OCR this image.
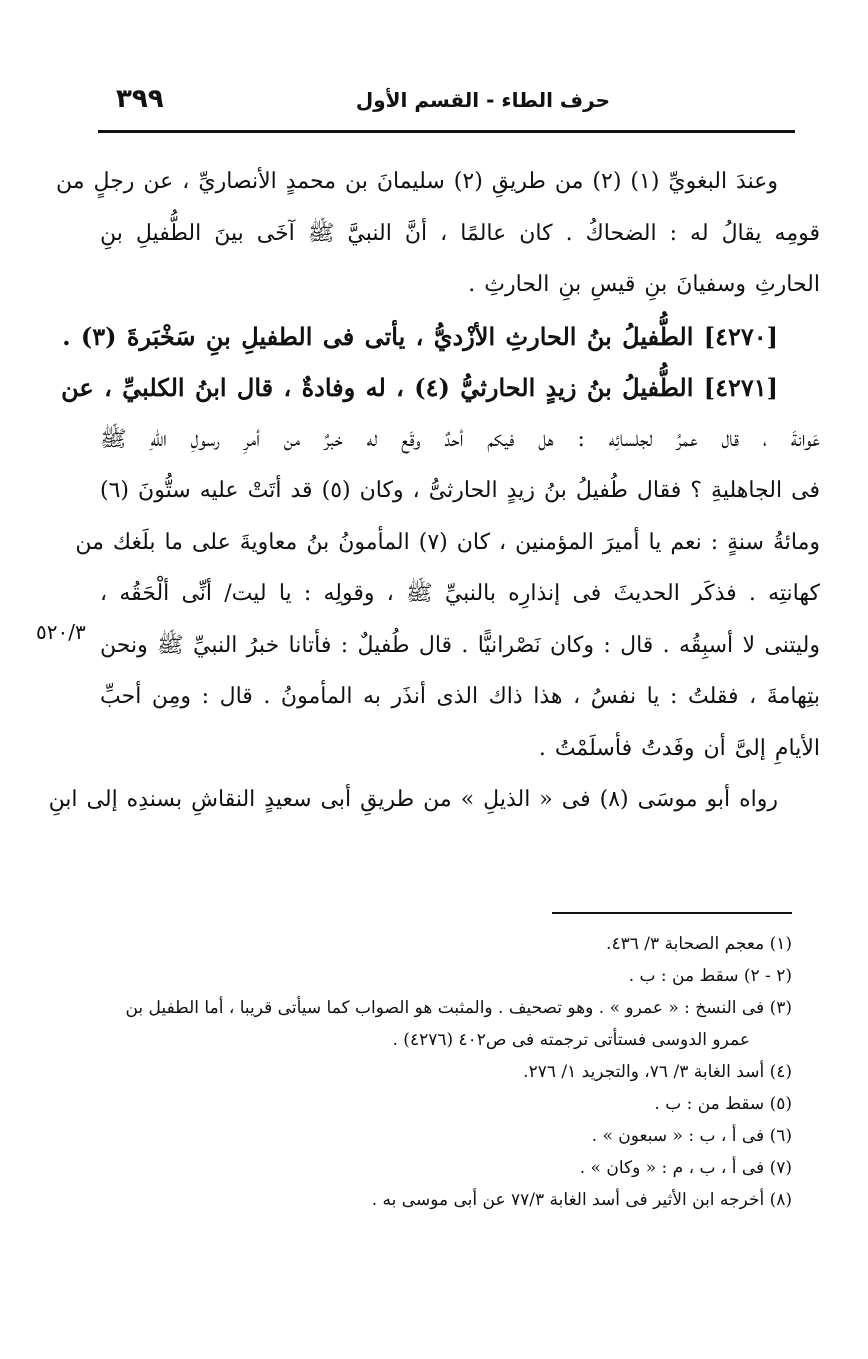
٣٩٩	حرف الطاء - القسم الأول
٥٢٠/٣
وعندَ البغويِّ (١) (٢) من طريقِ (٢) سليمانَ بن محمدٍ الأنصاريِّ ، عن رجلٍ من
قومِه يقالُ له : الضحاكُ . كان عالمًا ، أنَّ النبيَّ ﷺ آخَى بينَ الطُّفيلِ بنِ
الحارثِ وسفيانَ بنِ قيسِ بنِ الحارثِ .
[٤٢٧٠] الطُّفيلُ بنُ الحارثِ الأزْديُّ ، يأتى فى الطفيلِ بنِ سَخْبَرةَ (٣) .
[٤٢٧١] الطُّفيلُ بنُ زيدٍ الحارثيُّ (٤) ، له وفادةٌ ، قال ابنُ الكلبيِّ ، عن
عَوانةَ ، قال عمرُ لجلسائِه : هل فيكم أحدٌ وقَع له خبرٌ من أمرِ رسولِ اللهِ ﷺ
فى الجاهليةِ ؟ فقال طُفيلُ بنُ زيدٍ الحارثىُّ ، وكان (٥) قد أتَتْ عليه ستُّونَ (٦)
ومائةُ سنةٍ : نعم يا أميرَ المؤمنين ، كان (٧) المأمونُ بنُ معاويةَ على ما بلَغك من
كهانتِه . فذكَر الحديثَ فى إنذارِه بالنبيِّ ﷺ ، وقولِه : يا ليت/ أنِّى ألْحَقُه ،
وليتنى لا أسبِقُه . قال : وكان نَصْرانيًّا . قال طُفيلٌ : فأتانا خبرُ النبيِّ ﷺ ونحن
بتِهامةَ ، فقلتُ : يا نفسُ ، هذا ذاك الذى أنذَر به المأمونُ . قال : ومِن أحبِّ
الأيامِ إلىَّ أن وفَدتُ فأسلَمْتُ .
رواه أبو موسَى (٨) فى « الذيلِ » من طريقِ أبى سعيدٍ النقاشِ بسندِه إلى ابنِ
(١) معجم الصحابة ٣/ ٤٣٦.
(٢ - ٢) سقط من : ب .
(٣) فى النسخ : « عمرو » . وهو تصحيف . والمثبت هو الصواب كما سيأتى قريبا ، أما الطفيل بن
عمرو الدوسى فستأتى ترجمته فى ص٤٠٢ (٤٢٧٦) .
(٤) أسد الغابة ٣/ ٧٦، والتجريد ١/ ٢٧٦.
(٥) سقط من : ب .
(٦) فى أ ، ب : « سبعون » .
(٧) فى أ ، ب ، م : « وكان » .
(٨) أخرجه ابن الأثير فى أسد الغابة ٧٧/٣ عن أبى موسى به .
